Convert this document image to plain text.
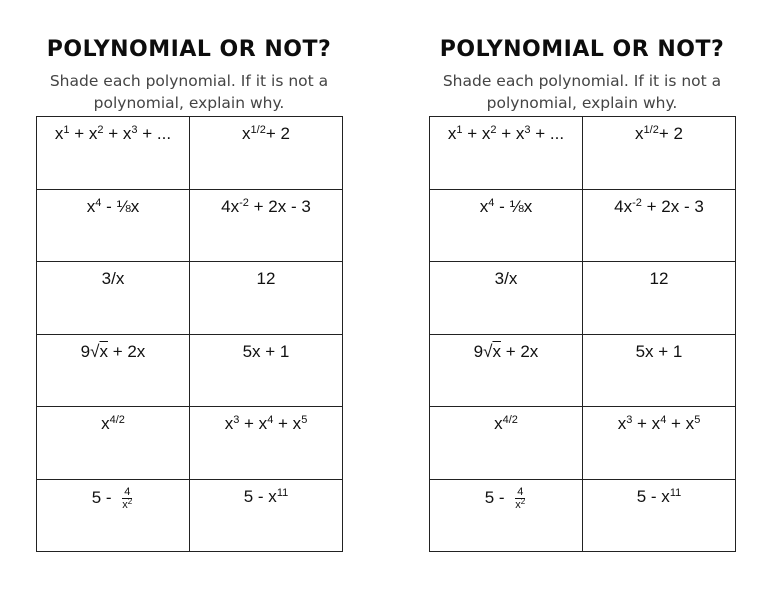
POLYNOMIAL OR NOT?
Shade each polynomial. If it is not a
polynomial, explain why.
$x^1 + x^2 + x^3$ + ...	$x^{1/2}+ 2$
$x^4$ - ⅛x	$4x^{-2} + 2x - 3$
3/x	12
9√x + 2x	5x + 1
$x^{4/2}$	$x^3 + x^4 + x^5$
$5 - \frac{4}{x^2}$	$5 - x^{11}$
POLYNOMIAL OR NOT?
Shade each polynomial. If it is not a
polynomial, explain why.
$x^1 + x^2 + x^3$ + ...	$x^{1/2}+ 2$
$x^4$ - ⅛x	$4x^{-2} + 2x - 3$
3/x	12
9√x + 2x	5x + 1
$x^{4/2}$	$x^3 + x^4 + x^5$
$5 - \frac{4}{x^2}$	$5 - x^{11}$
